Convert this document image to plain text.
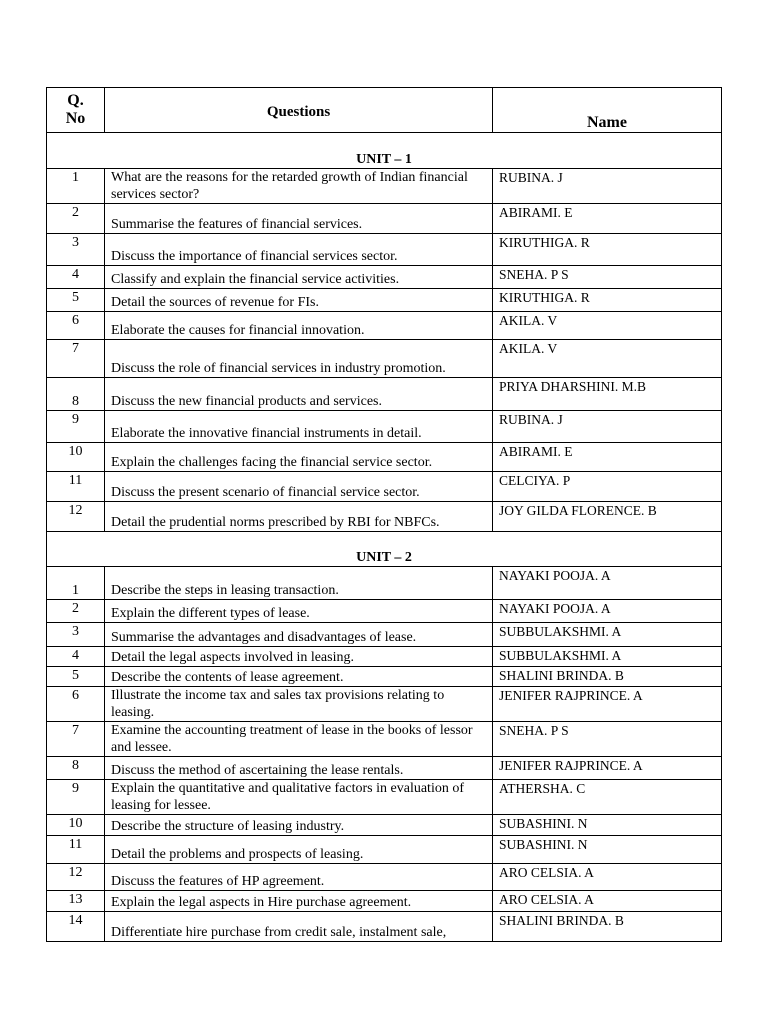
Q.
No	Questions	Name
UNIT – 1		
1	What are the reasons for the retarded growth of Indian financial services sector?	RUBINA. J
2	Summarise the features of financial services.	ABIRAMI. E
3	Discuss the importance of financial services sector.	KIRUTHIGA. R
4	Classify and explain the financial service activities.	SNEHA. P S
5	Detail the sources of revenue for FIs.	KIRUTHIGA. R
6	Elaborate the causes for financial innovation.	AKILA. V
7	Discuss the role of financial services in industry promotion.	AKILA. V
8	Discuss the new financial products and services.	PRIYA DHARSHINI. M.B
9	Elaborate the innovative financial instruments in detail.	RUBINA. J
10	Explain the challenges facing the financial service sector.	ABIRAMI. E
11	Discuss the present scenario of financial service sector.	CELCIYA. P
12	Detail the prudential norms prescribed by RBI for NBFCs.	JOY GILDA FLORENCE. B
UNIT – 2		
1	Describe the steps in leasing transaction.	NAYAKI POOJA. A
2	Explain the different types of lease.	NAYAKI POOJA. A
3	Summarise the advantages and disadvantages of lease.	SUBBULAKSHMI. A
4	Detail the legal aspects involved in leasing.	SUBBULAKSHMI. A
5	Describe the contents of lease agreement.	SHALINI BRINDA. B
6	Illustrate the income tax and sales tax provisions relating to leasing.	JENIFER RAJPRINCE. A
7	Examine the accounting treatment of lease in the books of lessor and lessee.	SNEHA. P S
8	Discuss the method of ascertaining the lease rentals.	JENIFER RAJPRINCE. A
9	Explain the quantitative and qualitative factors in evaluation of leasing for lessee.	ATHERSHA. C
10	Describe the structure of leasing industry.	SUBASHINI. N
11	Detail the problems and prospects of leasing.	SUBASHINI. N
12	Discuss the features of HP agreement.	ARO CELSIA. A
13	Explain the legal aspects in Hire purchase agreement.	ARO CELSIA. A
14	Differentiate hire purchase from credit sale, instalment sale,	SHALINI BRINDA. B
